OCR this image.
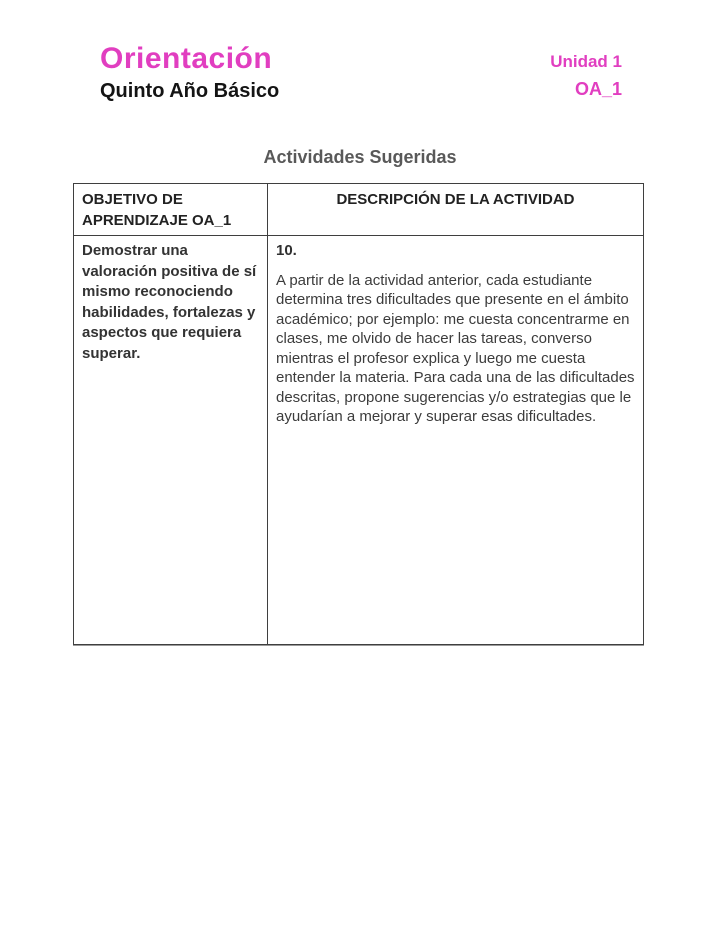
Orientación
Quinto Año Básico
Unidad 1
OA_1
Actividades Sugeridas
OBJETIVO DE APRENDIZAJE OA_1	DESCRIPCIÓN DE LA ACTIVIDAD
Demostrar una valoración positiva de sí mismo reconociendo habilidades, fortalezas y aspectos que requiera superar.	10.
A partir de la actividad anterior, cada estudiante determina tres dificultades que presente en el ámbito académico; por ejemplo: me cuesta concentrarme en clases, me olvido de hacer las tareas, converso mientras el profesor explica y luego me cuesta entender la materia. Para cada una de las dificultades descritas, propone sugerencias y/o estrategias que le ayudarían a mejorar y superar esas dificultades.
